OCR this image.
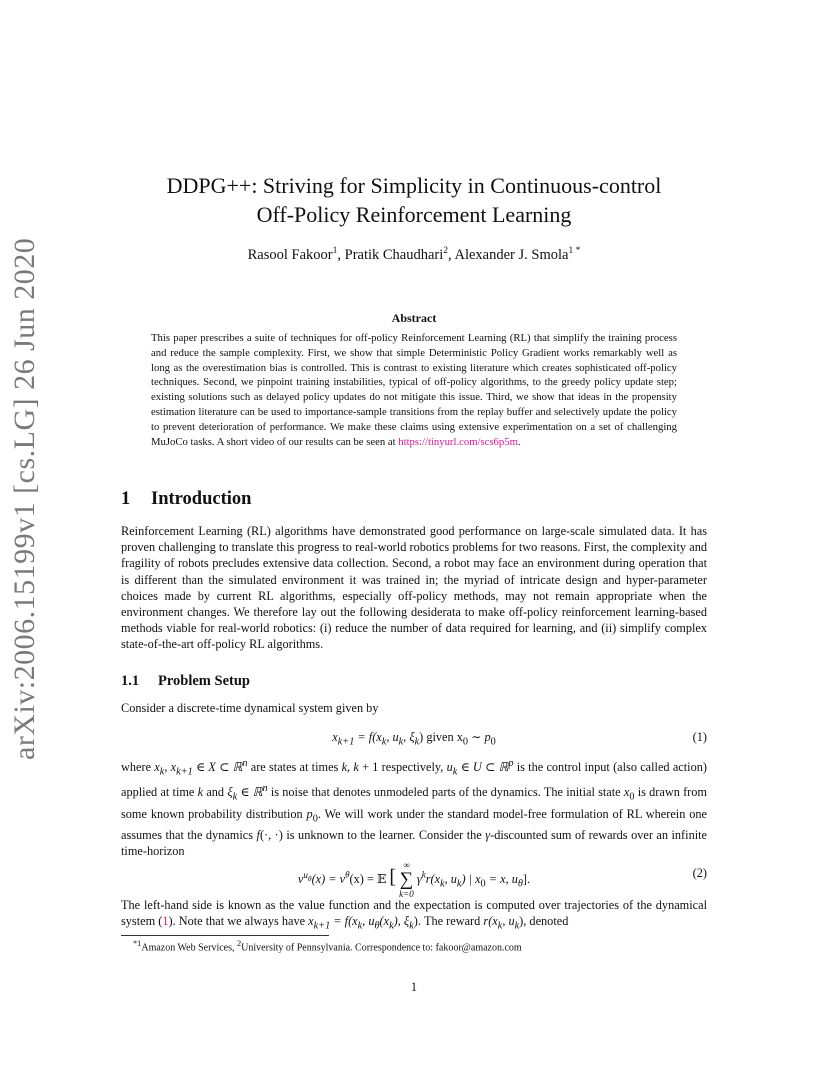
arXiv:2006.15199v1 [cs.LG] 26 Jun 2020
DDPG++: Striving for Simplicity in Continuous-control
Off-Policy Reinforcement Learning
Rasool Fakoor$^1$, Pratik Chaudhari$^2$, Alexander J. Smola$^{1 *}$
Abstract
This paper prescribes a suite of techniques for off-policy Reinforcement Learning (RL) that simplify the training process and reduce the sample complexity. First, we show that simple Deterministic Policy Gradient works remarkably well as long as the overestimation bias is controlled. This is contrast to existing literature which creates sophisticated off-policy techniques. Second, we pinpoint training instabilities, typical of off-policy algorithms, to the greedy policy update step; existing solutions such as delayed policy updates do not mitigate this issue. Third, we show that ideas in the propensity estimation literature can be used to importance-sample transitions from the replay buffer and selectively update the policy to prevent deterioration of performance. We make these claims using extensive experimentation on a set of challenging MuJoCo tasks. A short video of our results can be seen at https://tinyurl.com/scs6p5m.
1 Introduction
Reinforcement Learning (RL) algorithms have demonstrated good performance on large-scale simulated data. It has proven challenging to translate this progress to real-world robotics problems for two reasons. First, the complexity and fragility of robots precludes extensive data collection. Second, a robot may face an environment during operation that is different than the simulated environment it was trained in; the myriad of intricate design and hyper-parameter choices made by current RL algorithms, especially off-policy methods, may not remain appropriate when the environment changes. We therefore lay out the following desiderata to make off-policy reinforcement learning-based methods viable for real-world robotics: (i) reduce the number of data required for learning, and (ii) simplify complex state-of-the-art off-policy RL algorithms.
1.1 Problem Setup
Consider a discrete-time dynamical system given by
$x_{k+1} = f(x_k$, $u_k$, $\xi_k$) given $x_0$ ∼ $p_0$	(1)
where $x_k$, $x_{k+1}$ ∈ X ⊂ ℝ$^n$ are states at times k, k + 1 respectively, $u_k$ ∈ U ⊂ ℝ$^p$ is the control input (also called action) applied at time k and $\xi_k$ ∈ ℝ$^n$ is noise that denotes unmodeled parts of the dynamics. The initial state $x_0$ is drawn from some known probability distribution $p_0$. We will work under the standard model-free formulation of RL wherein one assumes that the dynamics f(·, ·) is unknown to the learner. Consider the γ-discounted sum of rewards over an infinite time-horizon
$v^{u_\theta}(x) = v^\theta(x)$ = 𝔼 [
∞
∑
k=0
$\gamma^kr(x_k$, $u_k$) | $x_0 = x$, $u_\theta$].	(2)
The left-hand side is known as the value function and the expectation is computed over trajectories of the dynamical system (1). Note that we always have $x_{k+1} = f(x_k$, $u_\theta(x_k)$, $\xi_k$). The reward $r(x_k$, $u_k$), denoted
$^{*1}$Amazon Web Services, $^2$University of Pennsylvania. Correspondence to: fakoor@amazon.com
1
